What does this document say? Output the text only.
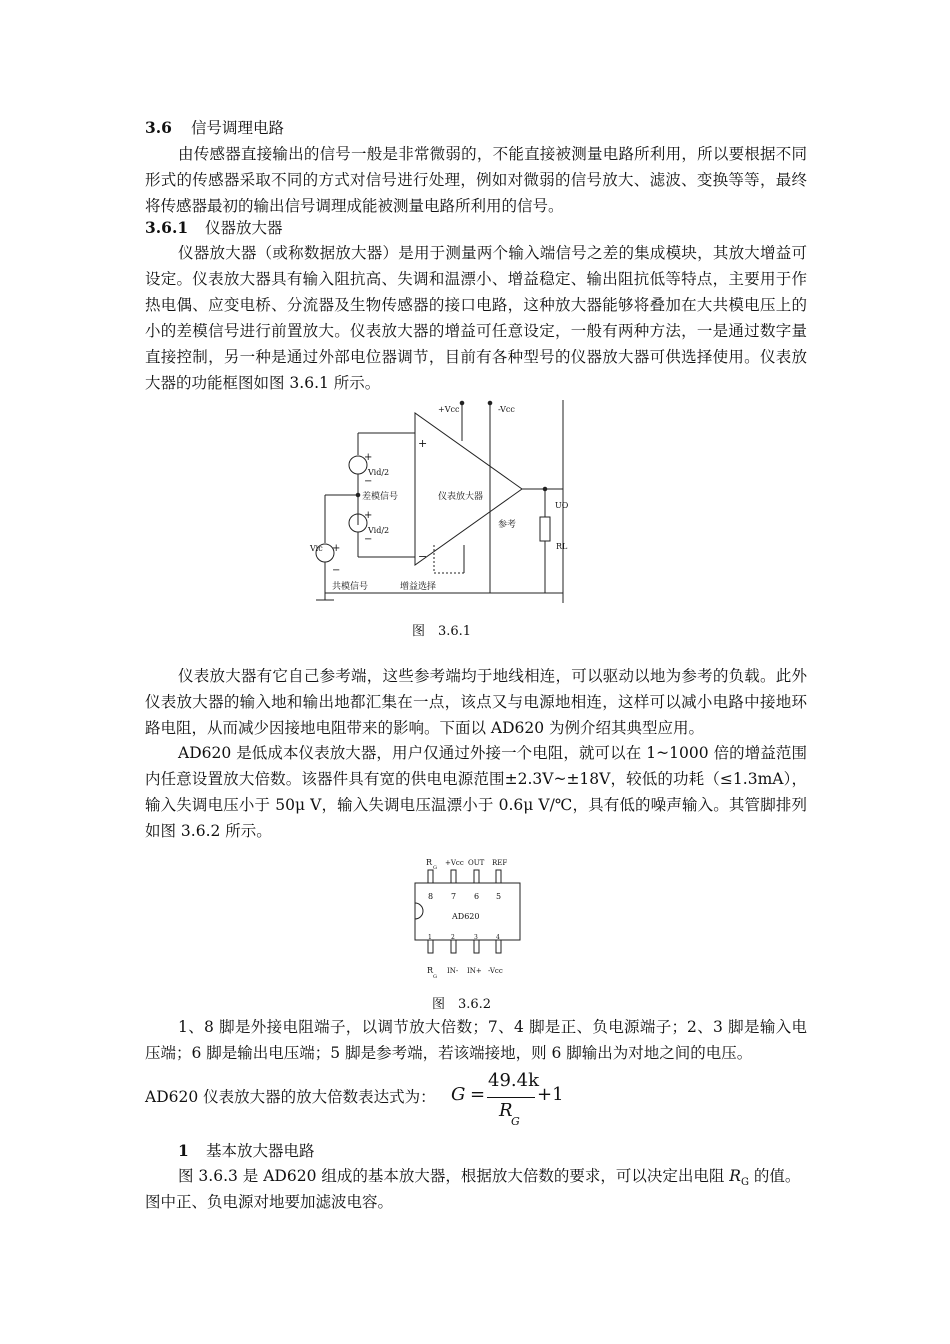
3.6 信号调理电路
由传感器直接输出的信号一般是非常微弱的，不能直接被测量电路所利用，所以要根据不同形式的传感器采取不同的方式对信号进行处理，例如对微弱的信号放大、滤波、变换等等，最终将传感器最初的输出信号调理成能被测量电路所利用的信号。
3.6.1 仪器放大器
仪器放大器（或称数据放大器）是用于测量两个输入端信号之差的集成模块，其放大增益可设定。仪表放大器具有输入阻抗高、失调和温漂小、增益稳定、输出阻抗低等特点，主要用于作热电偶、应变电桥、分流器及生物传感器的接口电路，这种放大器能够将叠加在大共模电压上的小的差模信号进行前置放大。仪表放大器的增益可任意设定，一般有两种方法，一是通过数字量直接控制，另一种是通过外部电位器调节，目前有各种型号的仪器放大器可供选择使用。仪表放大器的功能框图如图 3.6.1 所示。
+Vcc	-Vcc
+
−
仪表放大器
+
Vid/2
−
差模信号
+
Vid/2
−
Vic +
−
共模信号	增益选择
参考
UO
RL
图　3.6.1
仪表放大器有它自己参考端，这些参考端均于地线相连，可以驱动以地为参考的负载。此外仪表放大器的输入地和输出地都汇集在一点，该点又与电源地相连，这样可以减小电路中接地环路电阻，从而减少因接地电阻带来的影响。下面以 AD620 为例介绍其典型应用。
AD620 是低成本仪表放大器，用户仅通过外接一个电阻，就可以在 1~1000 倍的增益范围内任意设置放大倍数。该器件具有宽的供电电源范围±2.3V~±18V，较低的功耗（≤1.3mA），输入失调电压小于 50μ V，输入失调电压温漂小于 0.6μ V/℃，具有低的噪声输入。其管脚排列如图 3.6.2 所示。
R
G
+Vcc OUT REF
8 7 6 5
AD620
1	2	3	4
R
G
IN- IN+ -Vcc
图　3.6.2
1、8 脚是外接电阻端子，以调节放大倍数；7、4 脚是正、负电源端子；2、3 脚是输入电压端；6 脚是输出电压端；5 脚是参考端，若该端接地，则 6 脚输出为对地之间的电压。
AD620 仪表放大器的放大倍数表达式为： G =
49.4k
R
G
+1
1 基本放大器电路
图 3.6.3 是 AD620 组成的基本放大器，根据放大倍数的要求，可以决定出电阻 $R_G$ 的值。
图中正、负电源对地要加滤波电容。
